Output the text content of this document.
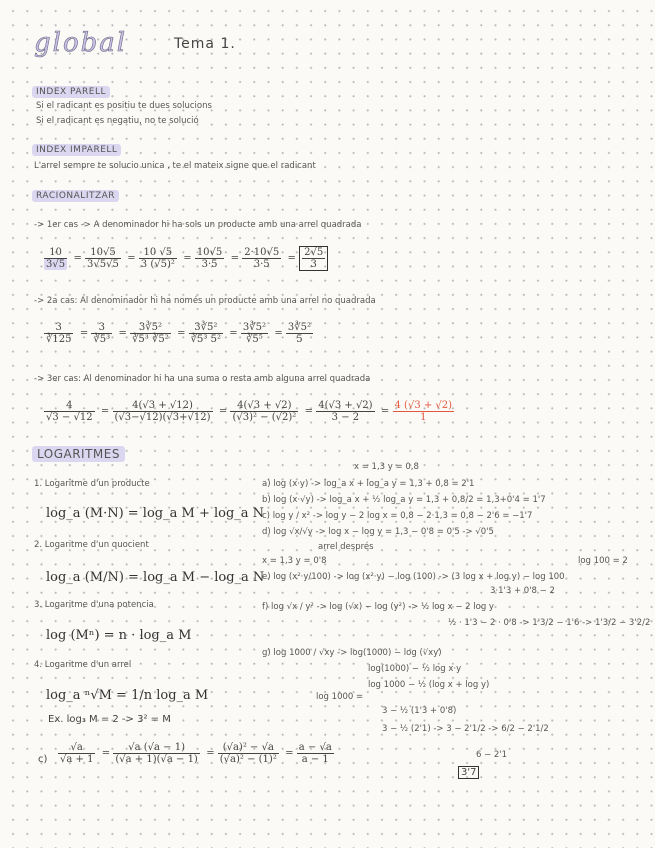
global	Tema 1.
INDEX PARELL
Si el radicant es positiu te dues solucions
Si el radicant es negatiu, no te solució
INDEX IMPARELL
L'arrel sempre te solucio unica , te el mateix signe que el radicant
RACIONALITZAR
-> 1er cas -> A denominador hi ha sols un producte amb una arrel quadrada
$\frac{10}{3√5} = \frac{10√5}{3√5√5} = \frac{10 √5}{\text{3 (√5)²}} = \frac{10√5}{3\cdot 5} = \frac{2\cdot 10√5}{3\cdot 5} = \frac{2√5}{3}$
-> 2a cas: Al denominador hi ha només un producte amb una arrel no quadrada
$\frac{3}{∛125} = \frac{3}{\text{∛5³}} = \frac{\text{3∛5²}}{\text{∛5³ ∛5²}} = \frac{\text{3∛5²}}{\text{∛5³ 5²}} = \frac{\text{3∛5²}}{\text{∛5⁵}} = \frac{\text{3∛5²}}{5}$
-> 3er cas: Al denominador hi ha una suma o resta amb alguna arrel quadrada
$\frac{4}{√3 - √12} = \frac{4(√3 + √12)}{(√3-√12)(√3+√12)} = \frac{4(√3 + √2)}{\text{(√3)² − (√2)²}} = \frac{4(√3 + √2)}{3 - 2} = \frac{4 (√3 + √2)}{1}$
LOGARITMES
x = 1,3 y = 0,8
1. Logaritme d'un producte
log_a (M·N) = log_a M + log_a N
2. Logaritme d'un quocient
log_a (M/N) = log_a M − log_a N
3. Logaritme d'una potencia
log (Mⁿ) = n · log_a M
4. Logaritme d'un arrel
log_a ⁿ√M = 1/n log_a M
Ex. log₃ M = 2 -> 3² = M
$c) \frac{√a}{√a + 1} = \frac{√a (√a - 1)}{(√a + 1)(√a - 1)} = \frac{\text{(√a)² − √a}}{\text{(√a)² − (1)²}} = \frac{a - √a}{a - 1}$
a) log (x·y) -> log_a x + log_a y = 1,3 + 0,8 = 2'1
b) log (x·√y) -> log_a x + ½ log_a y = 1,3 + 0,8/2 = 1,3+0'4 = 1'7
c) log y / x² -> log y − 2 log x = 0,8 − 2·1,3 = 0,8 − 2'6 = −1'7
d) log √x/√y -> log x − log y = 1,3 − 0'8 = 0'5 -> √0'5
arrel després
x = 1,3 y = 0'8	log 100 = 2
e) log (x²·y/100) -> log (x²·y) − log (100) -> (3 log x + log y) − log 100
3·1'3 + 0'8 − 2
f) log √x / y² -> log (√x) − log (y²) -> ½ log x − 2 log y
½ · 1'3 − 2 · 0'8 -> 1'3/2 − 1'6 -> 1'3/2 − 3'2/2
g) log 1000 / √xy -> log(1000) − log (√xy)
log(1000) − ½ log x·y
log 1000 =
log 1000 − ½ (log x + log y)
3 − ½ (1'3 + 0'8)
3 − ½ (2'1) -> 3 − 2'1/2 -> 6/2 − 2'1/2
6 − 2'1
3'7
